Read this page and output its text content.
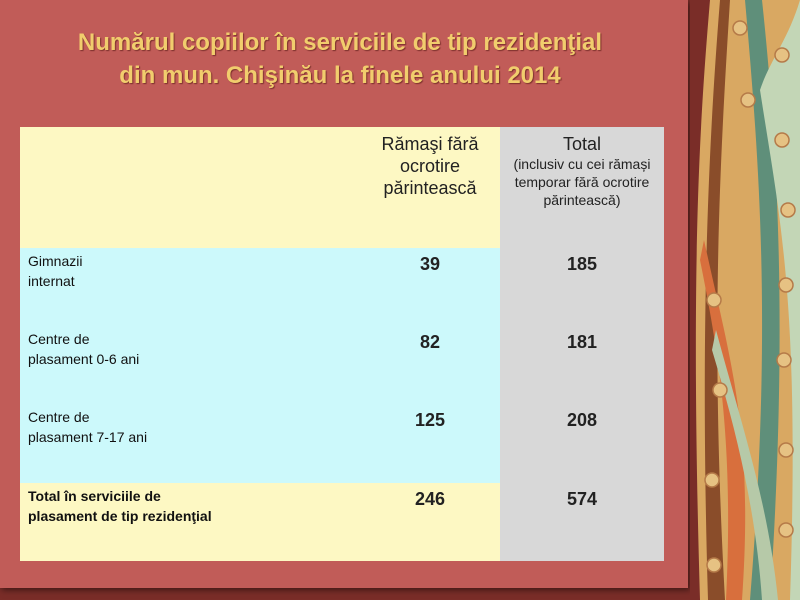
Numărul copiilor în serviciile de tip rezidenţial
din mun. Chişinău la finele anului 2014
	Rămaşi fără ocrotire părintească	Total
(inclusiv cu cei rămași temporar fără ocrotire părintească)

Gimnazii
internat	39	185

Centre de
plasament 0-6 ani	82	181

Centre de
plasament 7-17 ani	125	208

Total în serviciile de
plasament de tip rezidenţial	246	574
